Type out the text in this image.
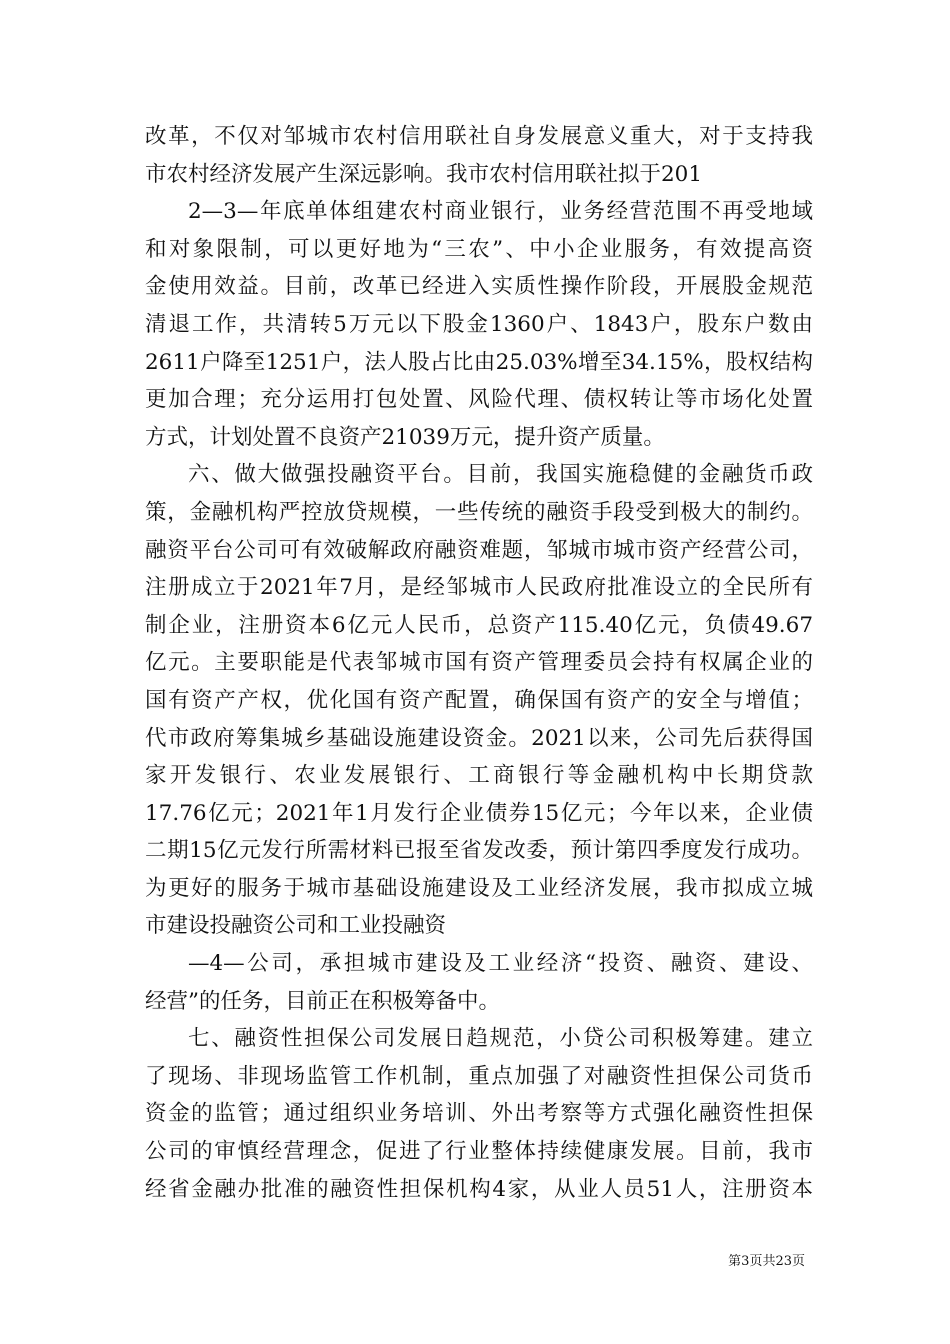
改革，不仅对邹城市农村信用联社自身发展意义重大，对于支持我
市农村经济发展产生深远影响。我市农村信用联社拟于201
2—3—年底单体组建农村商业银行，业务经营范围不再受地域
和对象限制，可以更好地为“三农”、中小企业服务，有效提高资
金使用效益。目前，改革已经进入实质性操作阶段，开展股金规范
清退工作，共清转5万元以下股金1360户、1843户，股东户数由
2611户降至1251户，法人股占比由25.03%增至34.15%，股权结构
更加合理；充分运用打包处置、风险代理、债权转让等市场化处置
方式，计划处置不良资产21039万元，提升资产质量。
六、做大做强投融资平台。目前，我国实施稳健的金融货币政
策，金融机构严控放贷规模，一些传统的融资手段受到极大的制约。
融资平台公司可有效破解政府融资难题，邹城市城市资产经营公司，
注册成立于2021年7月，是经邹城市人民政府批准设立的全民所有
制企业，注册资本6亿元人民币，总资产115.40亿元，负债49.67
亿元。主要职能是代表邹城市国有资产管理委员会持有权属企业的
国有资产产权，优化国有资产配置，确保国有资产的安全与增值；
代市政府筹集城乡基础设施建设资金。2021以来，公司先后获得国
家开发银行、农业发展银行、工商银行等金融机构中长期贷款
17.76亿元；2021年1月发行企业债券15亿元；今年以来，企业债
二期15亿元发行所需材料已报至省发改委，预计第四季度发行成功。
为更好的服务于城市基础设施建设及工业经济发展，我市拟成立城
市建设投融资公司和工业投融资
—4—公司，承担城市建设及工业经济“投资、融资、建设、
经营”的任务，目前正在积极筹备中。
七、融资性担保公司发展日趋规范，小贷公司积极筹建。建立
了现场、非现场监管工作机制，重点加强了对融资性担保公司货币
资金的监管；通过组织业务培训、外出考察等方式强化融资性担保
公司的审慎经营理念，促进了行业整体持续健康发展。目前，我市
经省金融办批准的融资性担保机构4家，从业人员51人，注册资本
第3页共23页
